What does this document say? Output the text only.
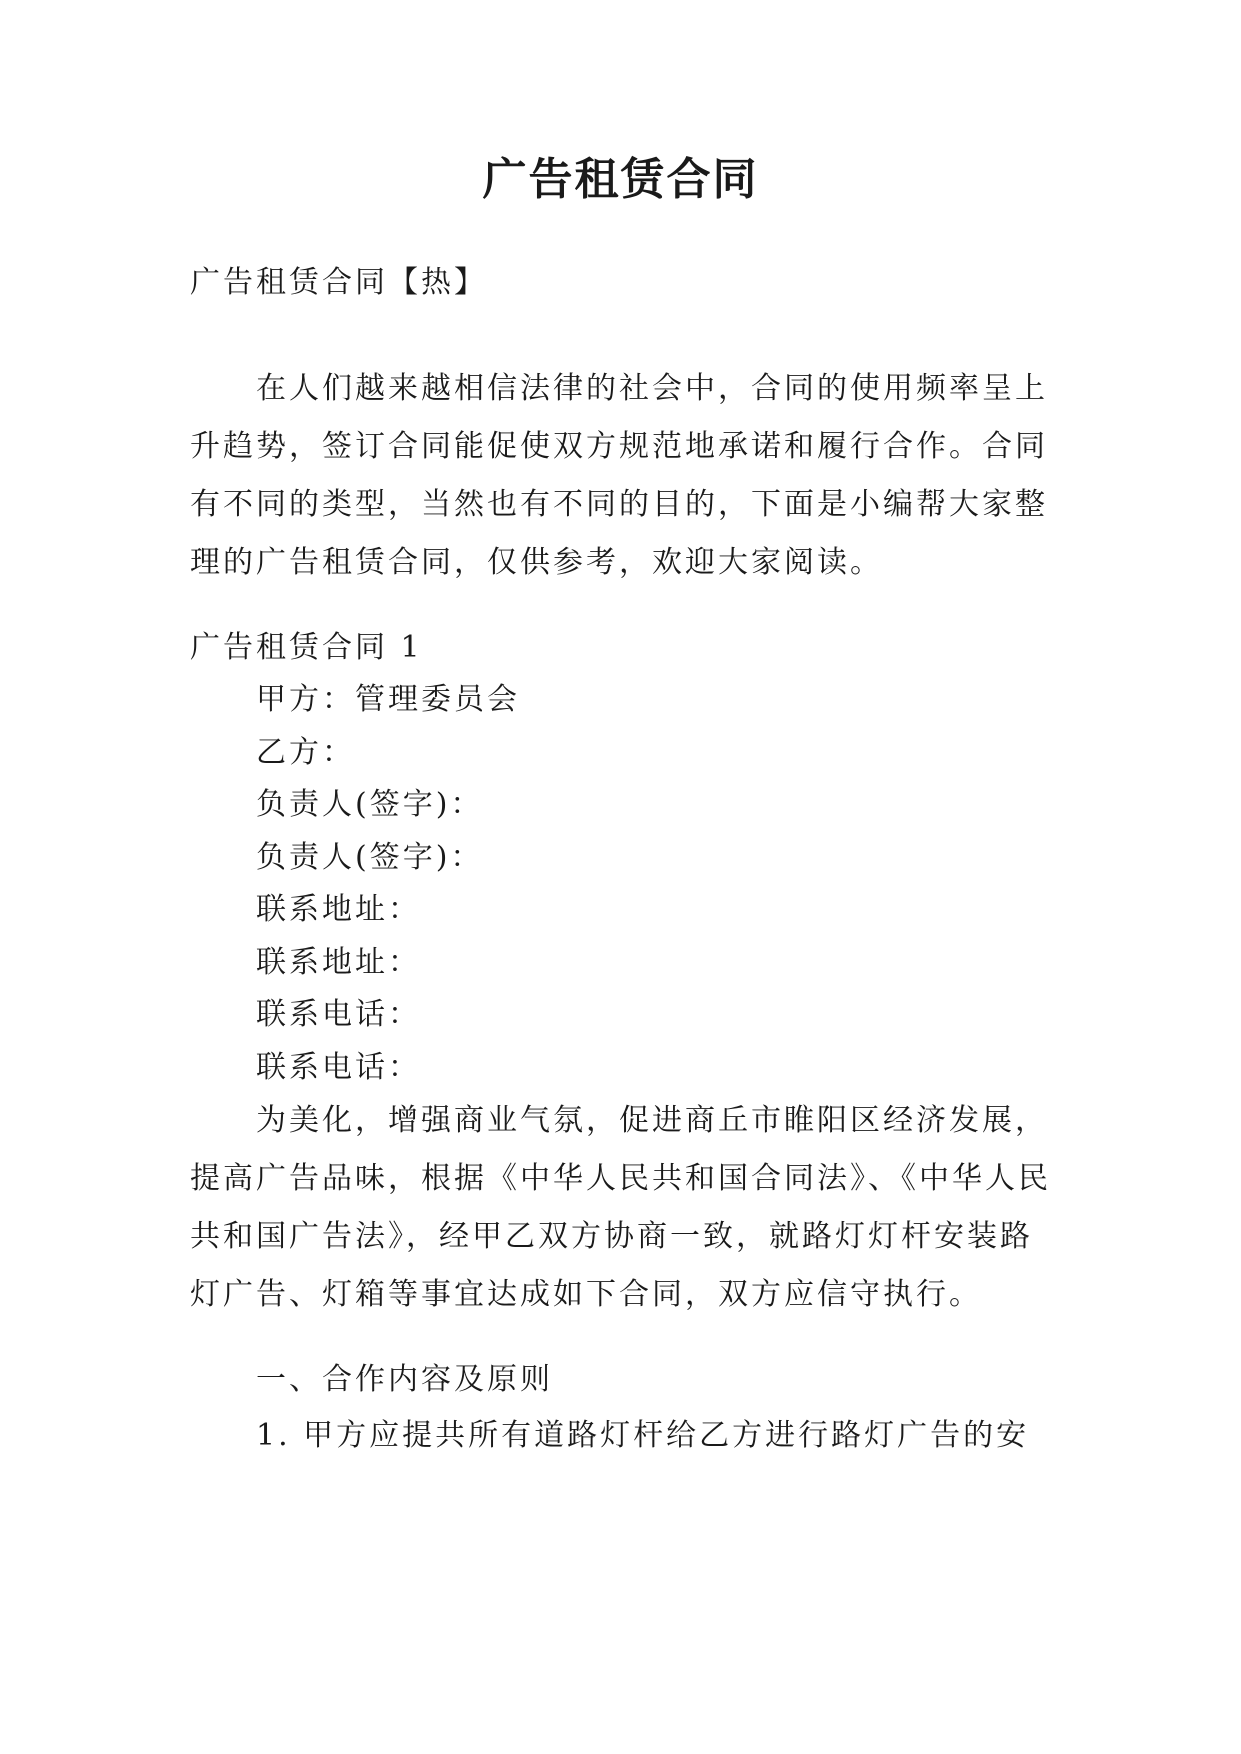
广告租赁合同
广告租赁合同【热】
在人们越来越相信法律的社会中，合同的使用频率呈上
升趋势，签订合同能促使双方规范地承诺和履行合作。合同
有不同的类型，当然也有不同的目的，下面是小编帮大家整
理的广告租赁合同，仅供参考，欢迎大家阅读。
广告租赁合同 1
甲方：管理委员会
乙方：
负责人(签字)：
负责人(签字)：
联系地址：
联系地址：
联系电话：
联系电话：
为美化，增强商业气氛，促进商丘市睢阳区经济发展，
提高广告品味，根据《中华人民共和国合同法》、《中华人民
共和国广告法》，经甲乙双方协商一致，就路灯灯杆安装路
灯广告、灯箱等事宜达成如下合同，双方应信守执行。
一、合作内容及原则
1. 甲方应提共所有道路灯杆给乙方进行路灯广告的安
